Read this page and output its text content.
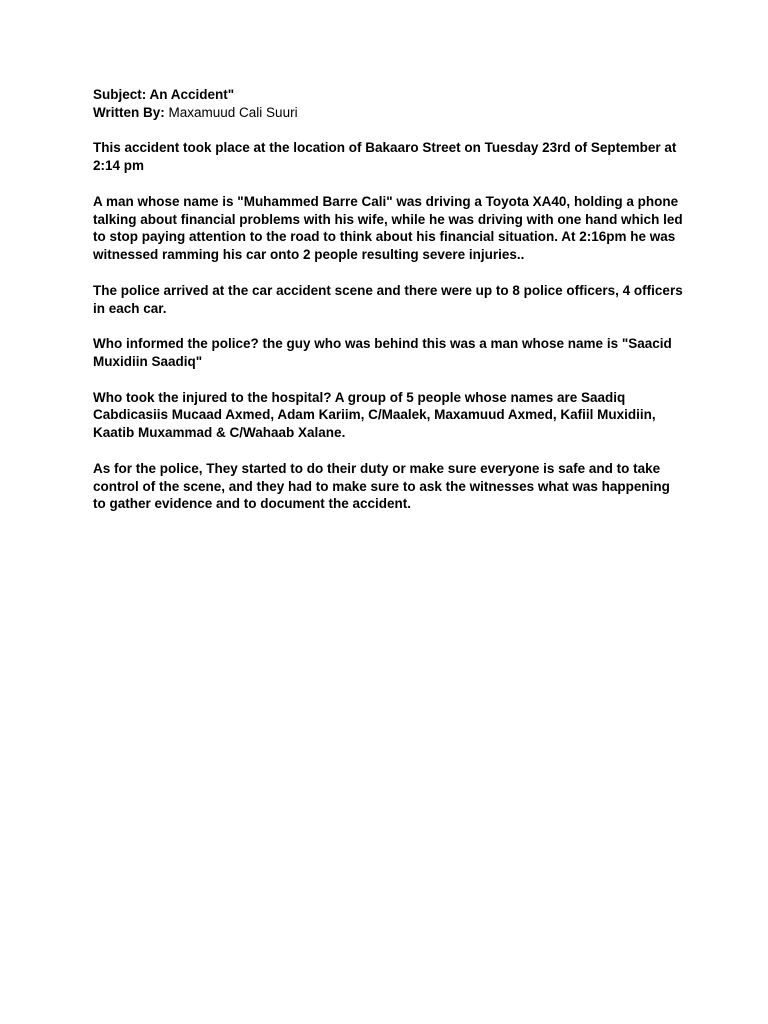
Subject: An Accident"
Written By: Maxamuud Cali Suuri

This accident took place at the location of Bakaaro Street on Tuesday 23rd of September at 2:14 pm

A man whose name is "Muhammed Barre Cali" was driving a Toyota XA40, holding a phone talking about financial problems with his wife, while he was driving with one hand which led to stop paying attention to the road to think about his financial situation. At 2:16pm he was witnessed ramming his car onto 2 people resulting severe injuries..

The police arrived at the car accident scene and there were up to 8 police officers, 4 officers in each car.

Who informed the police? the guy who was behind this was a man whose name is "Saacid Muxidiin Saadiq"

Who took the injured to the hospital? A group of 5 people whose names are Saadiq Cabdicasiis Mucaad Axmed, Adam Kariim, C/Maalek, Maxamuud Axmed, Kafiil Muxidiin, Kaatib Muxammad & C/Wahaab Xalane.

As for the police, They started to do their duty or make sure everyone is safe and to take control of the scene, and they had to make sure to ask the witnesses what was happening to gather evidence and to document the accident.
